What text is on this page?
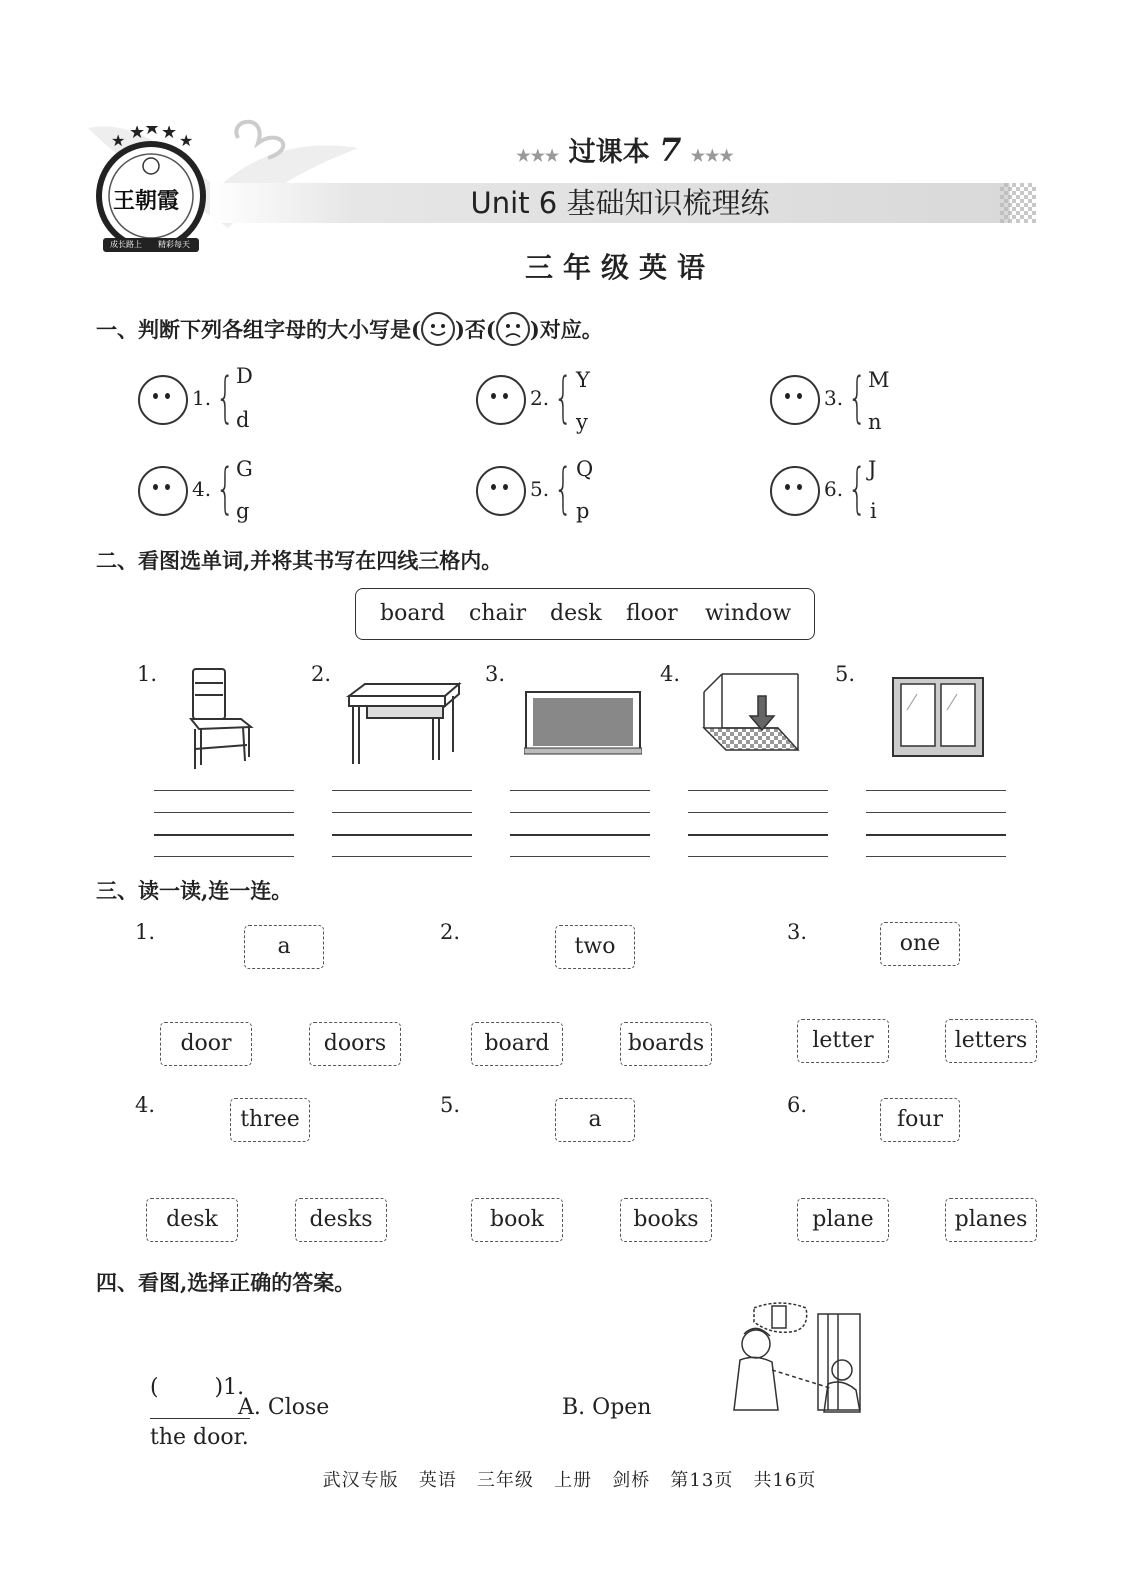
★ ★
★ ★ ★
王朝霞
成长路上 精彩每天
★★★ 过课本 7 ★★★
Unit 6 基础知识梳理练
三年级英语
一、判断下列各组字母的大小写是( )否( )对应。
1. { D
d
2. { Y
y
3. { M
n
4. { G
g
5. { Q
p
6. { J
i
二、看图选单词,并将其书写在四线三格内。
board chair desk floor window
1.	2.	3.	4.	5.
三、读一读,连一连。
1.
a
door	doors
2.
two
board	boards
3.	one
letter	letters
4.
three
desk	desks
5.
a
book	books
6.
four
plane	planes
四、看图,选择正确的答案。

(        )1.

the door.

A. Close	B. Open
武汉专版   英语   三年级   上册   剑桥   第13页   共16页
